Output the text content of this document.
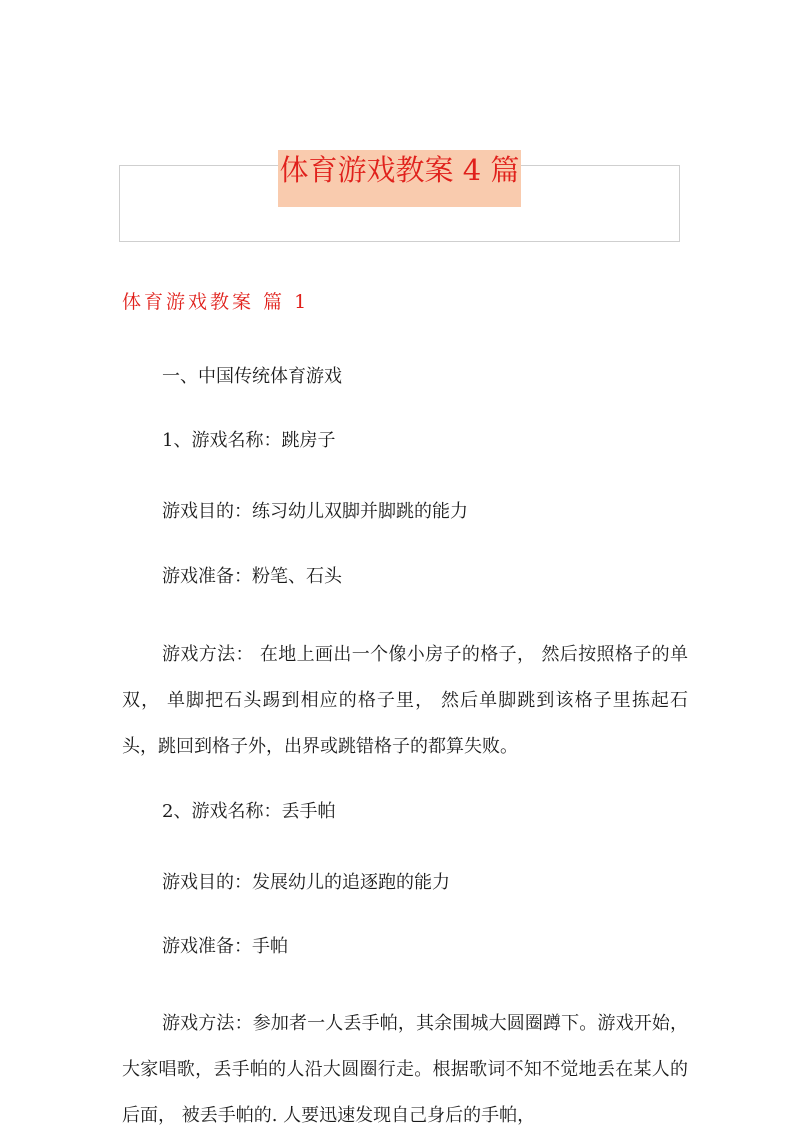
体育游戏教案 4 篇
体育游戏教案 篇 1
一、中国传统体育游戏
1、游戏名称：跳房子
游戏目的：练习幼儿双脚并脚跳的能力
游戏准备：粉笔、石头
游戏方法： 在地上画出一个像小房子的格子， 然后按照格子的单双， 单脚把石头踢到相应的格子里， 然后单脚跳到该格子里拣起石头，跳回到格子外，出界或跳错格子的都算失败。
2、游戏名称：丢手帕
游戏目的：发展幼儿的追逐跑的能力
游戏准备：手帕
游戏方法：参加者一人丢手帕，其余围城大圆圈蹲下。游戏开始，大家唱歌，丢手帕的人沿大圆圈行走。根据歌词不知不觉地丢在某人的后面， 被丢手帕的. 人要迅速发现自己身后的手帕，
